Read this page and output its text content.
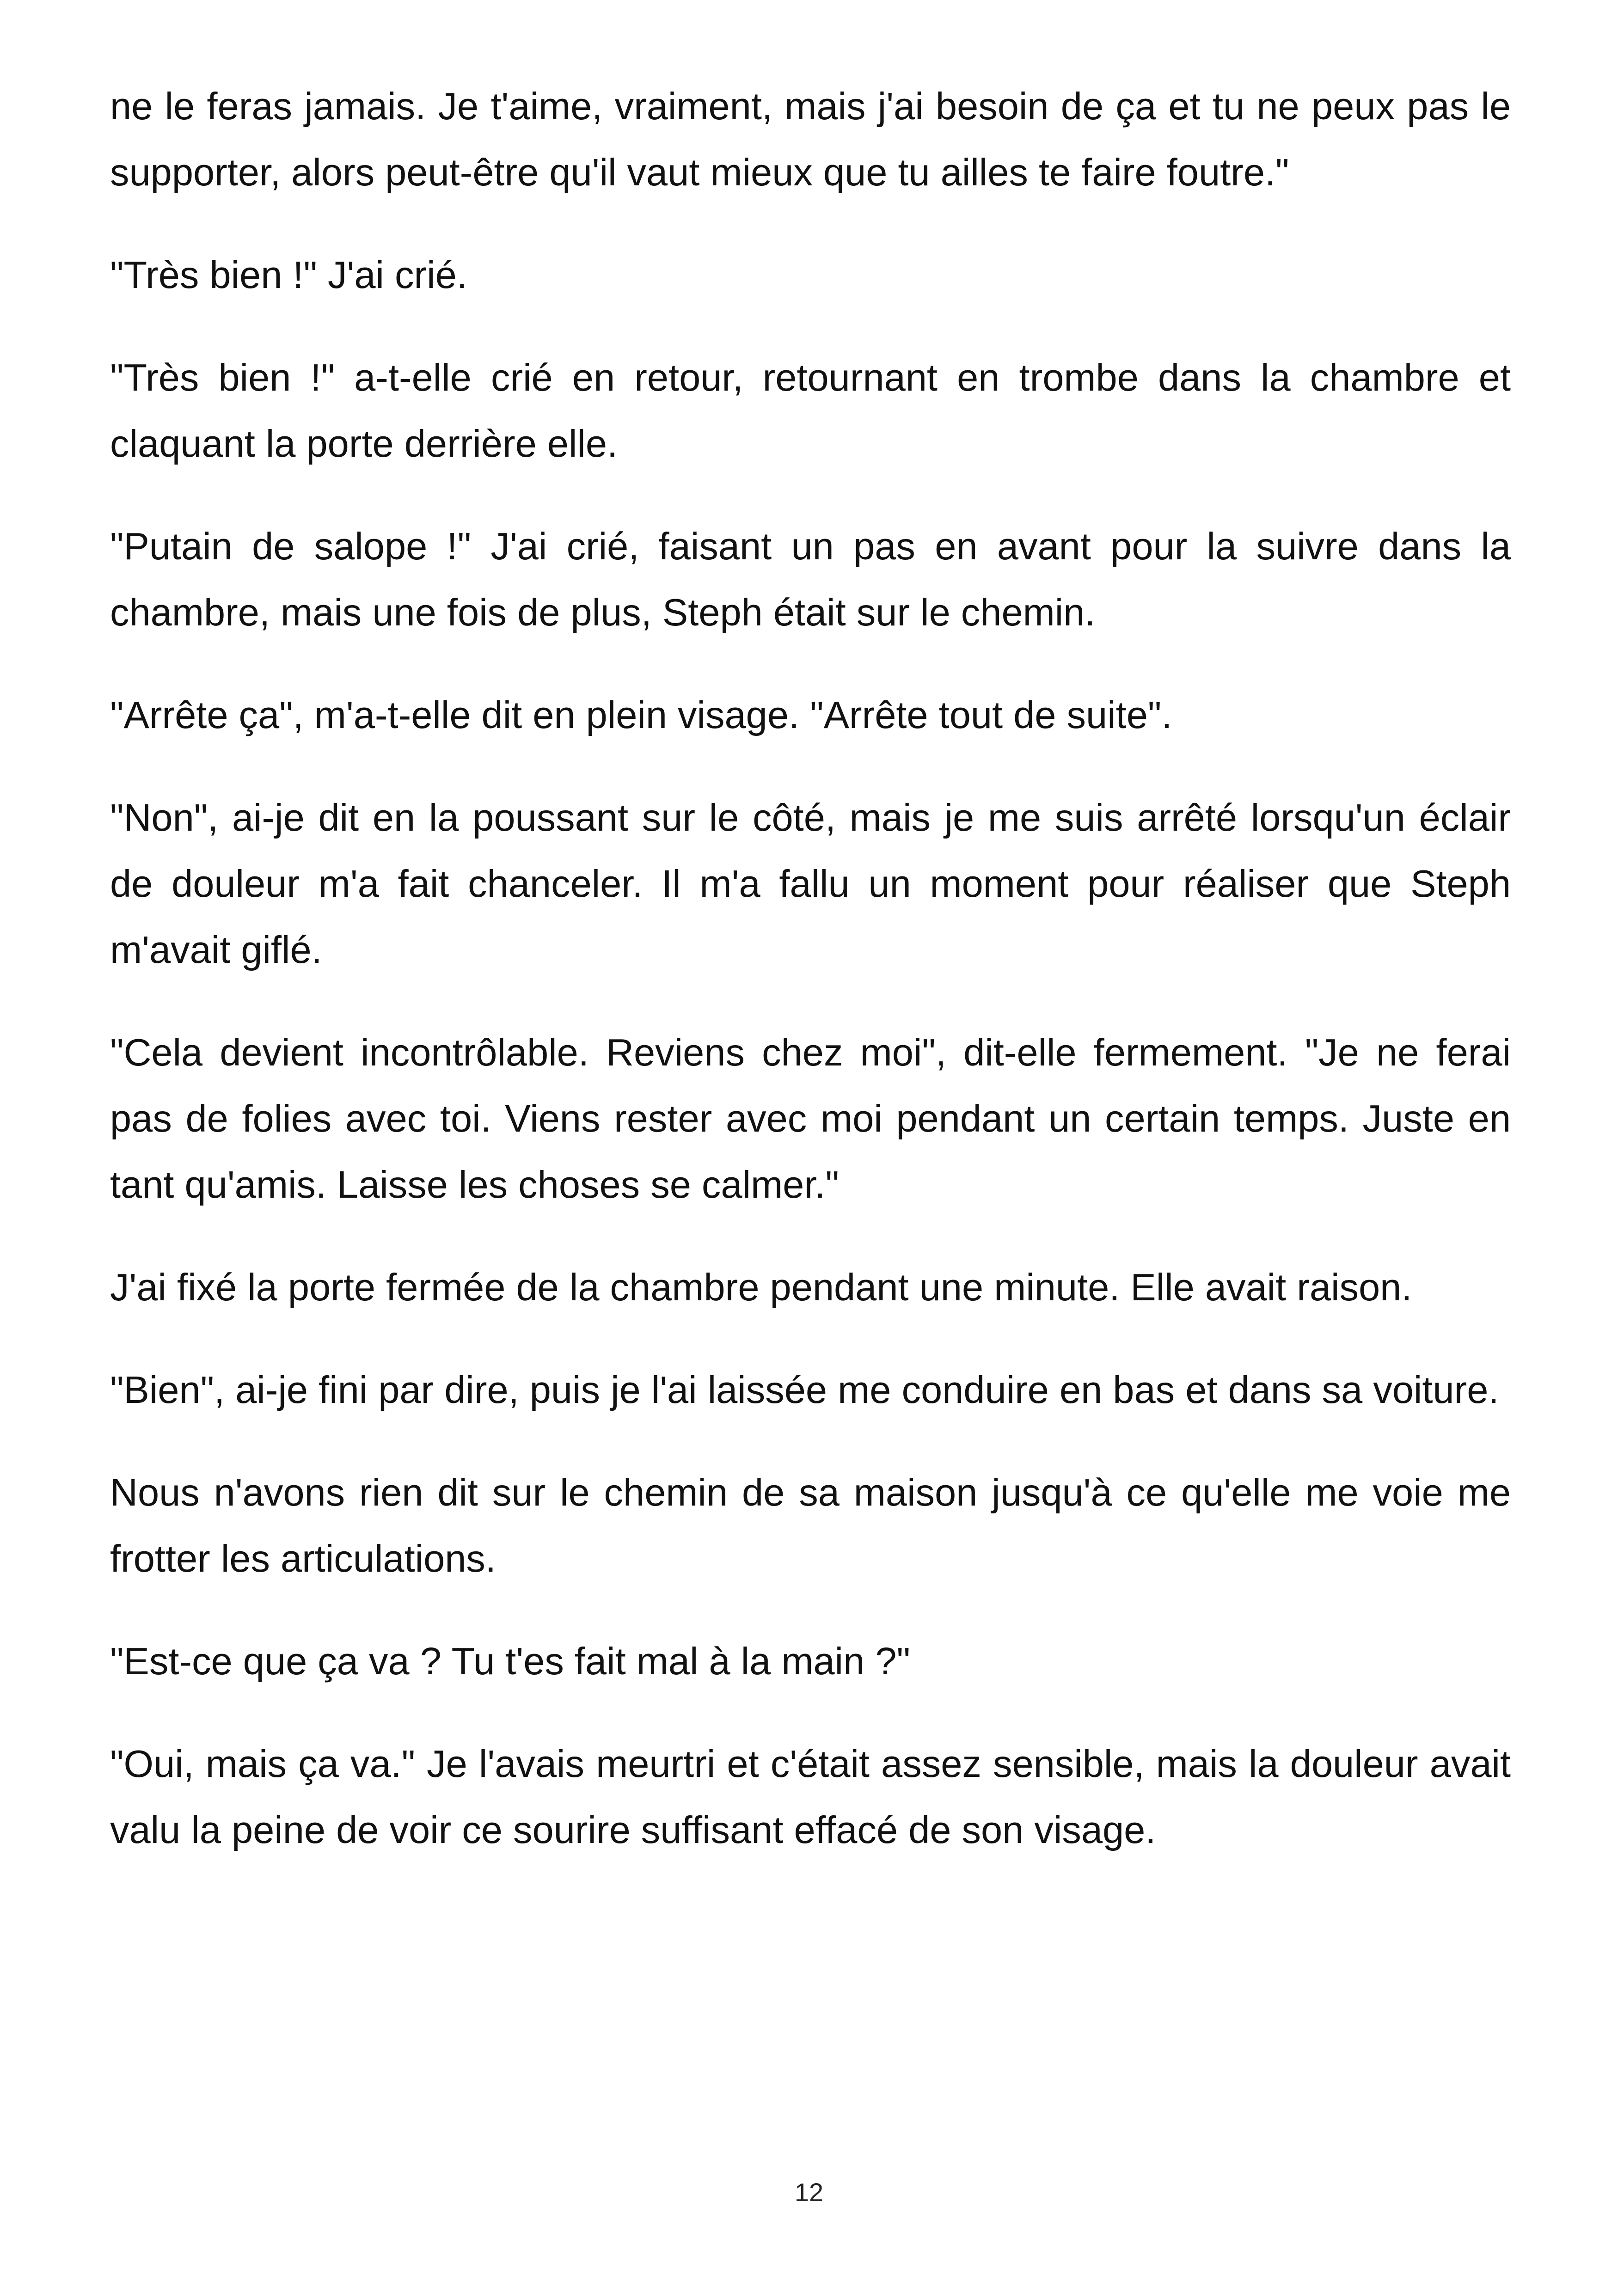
ne le feras jamais. Je t'aime, vraiment, mais j'ai besoin de ça et tu ne peux pas le supporter, alors peut-être qu'il vaut mieux que tu ailles te faire foutre."

"Très bien !" J'ai crié.

"Très bien !" a-t-elle crié en retour, retournant en trombe dans la chambre et claquant la porte derrière elle.

"Putain de salope !" J'ai crié, faisant un pas en avant pour la suivre dans la chambre, mais une fois de plus, Steph était sur le chemin.

"Arrête ça", m'a-t-elle dit en plein visage. "Arrête tout de suite".

"Non", ai-je dit en la poussant sur le côté, mais je me suis arrêté lorsqu'un éclair de douleur m'a fait chanceler. Il m'a fallu un moment pour réaliser que Steph m'avait giflé.

"Cela devient incontrôlable. Reviens chez moi", dit-elle fermement. "Je ne ferai pas de folies avec toi. Viens rester avec moi pendant un certain temps. Juste en tant qu'amis. Laisse les choses se calmer."

J'ai fixé la porte fermée de la chambre pendant une minute. Elle avait raison.

"Bien", ai-je fini par dire, puis je l'ai laissée me conduire en bas et dans sa voiture.

Nous n'avons rien dit sur le chemin de sa maison jusqu'à ce qu'elle me voie me frotter les articulations.

"Est-ce que ça va ? Tu t'es fait mal à la main ?"

"Oui, mais ça va." Je l'avais meurtri et c'était assez sensible, mais la douleur avait valu la peine de voir ce sourire suffisant effacé de son visage.

12
